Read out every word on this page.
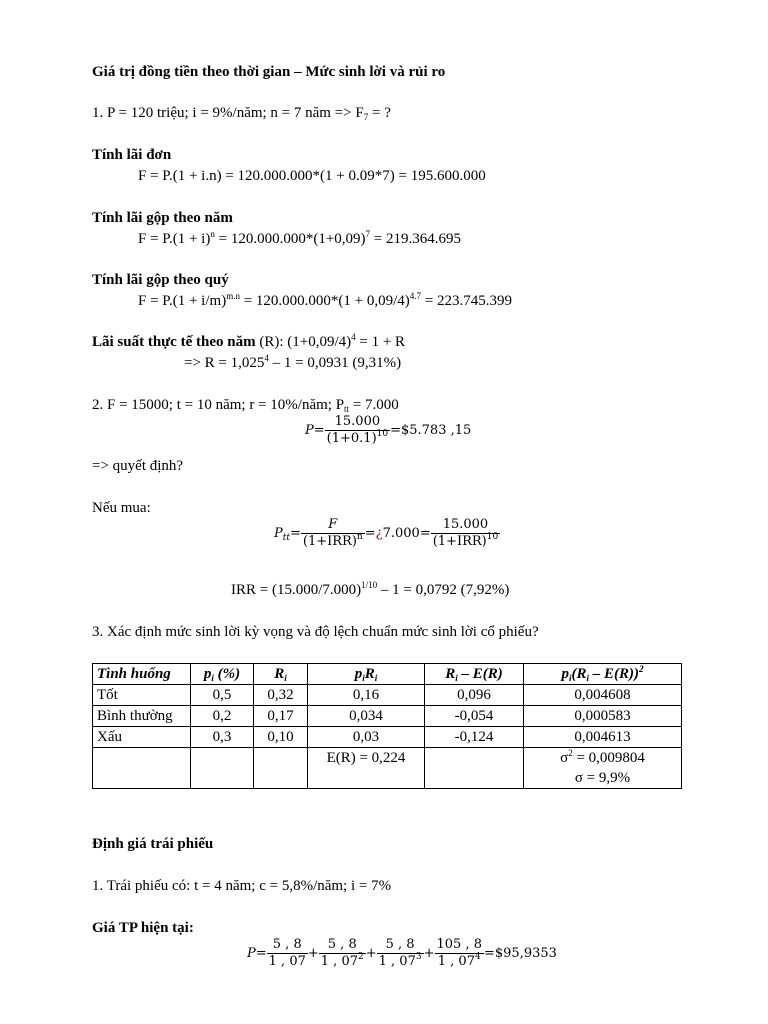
Giá trị đồng tiền theo thời gian – Mức sinh lời và rủi ro
1. P = 120 triệu; i = 9%/năm; n = 7 năm => $F_7$ = ?
Tính lãi đơn
F = P.(1 + i.n) = 120.000.000*(1 + 0.09*7) = 195.600.000
Tính lãi gộp theo năm
$F = P.(1 + i)^n = 120.000.000*(1+0,09)^7 = 219.364.695$
Tính lãi gộp theo quý
$F = P.(1 + i/m)^{m.n} = 120.000.000*(1 + 0,09/4)^{4.7} = 223.745.399$
Lãi suất thực tế theo năm (R): $(1+0,09/4)^4 = 1 + R$
=> $R = 1,025^4 - 1 = 0,0931$ (9,31%)
2. F = 15000; t = 10 năm; r = 10%/năm; $P_{tt} = 7.000$
$P= \frac{15.000}{(1+0.1)^{10}}$ =$5.783 ,15
=> quyết định?
Nếu mua:
$P_{tt}= \frac{F}{(1+IRR)^n}$ =¿7.000= $\frac{15.000}{(1+IRR)^{10}}$
IRR = $(15.000/7.000)^{1/10} - 1 = 0,0792$ (7,92%)
3. Xác định mức sinh lời kỳ vọng và độ lệch chuẩn mức sinh lời cổ phiếu?
Tình huống	$p_i$ (%)	$R_i$	$p_iR_i$	$R_i - E(R)$	$p_i(R_i - E(R))^2$
Tốt	0,5	0,32	0,16	0,096	0,004608
Bình thường	0,2	0,17	0,034	-0,054	0,000583
Xấu	0,3	0,10	0,03	-0,124	0,004613
			E(R) = 0,224		$\sigma^2 = 0,009804$
σ = 9,9%
Định giá trái phiếu
1. Trái phiếu có: t = 4 năm; c = 5,8%/năm; i = 7%
Giá TP hiện tại:
$P= \frac{5 , 8}{1 , 07} + \frac{5 , 8}{1 , 07^2} + \frac{5 , 8}{1 , 07^3} + \frac{105 , 8}{1 , 07^4}$ =$95,9353
